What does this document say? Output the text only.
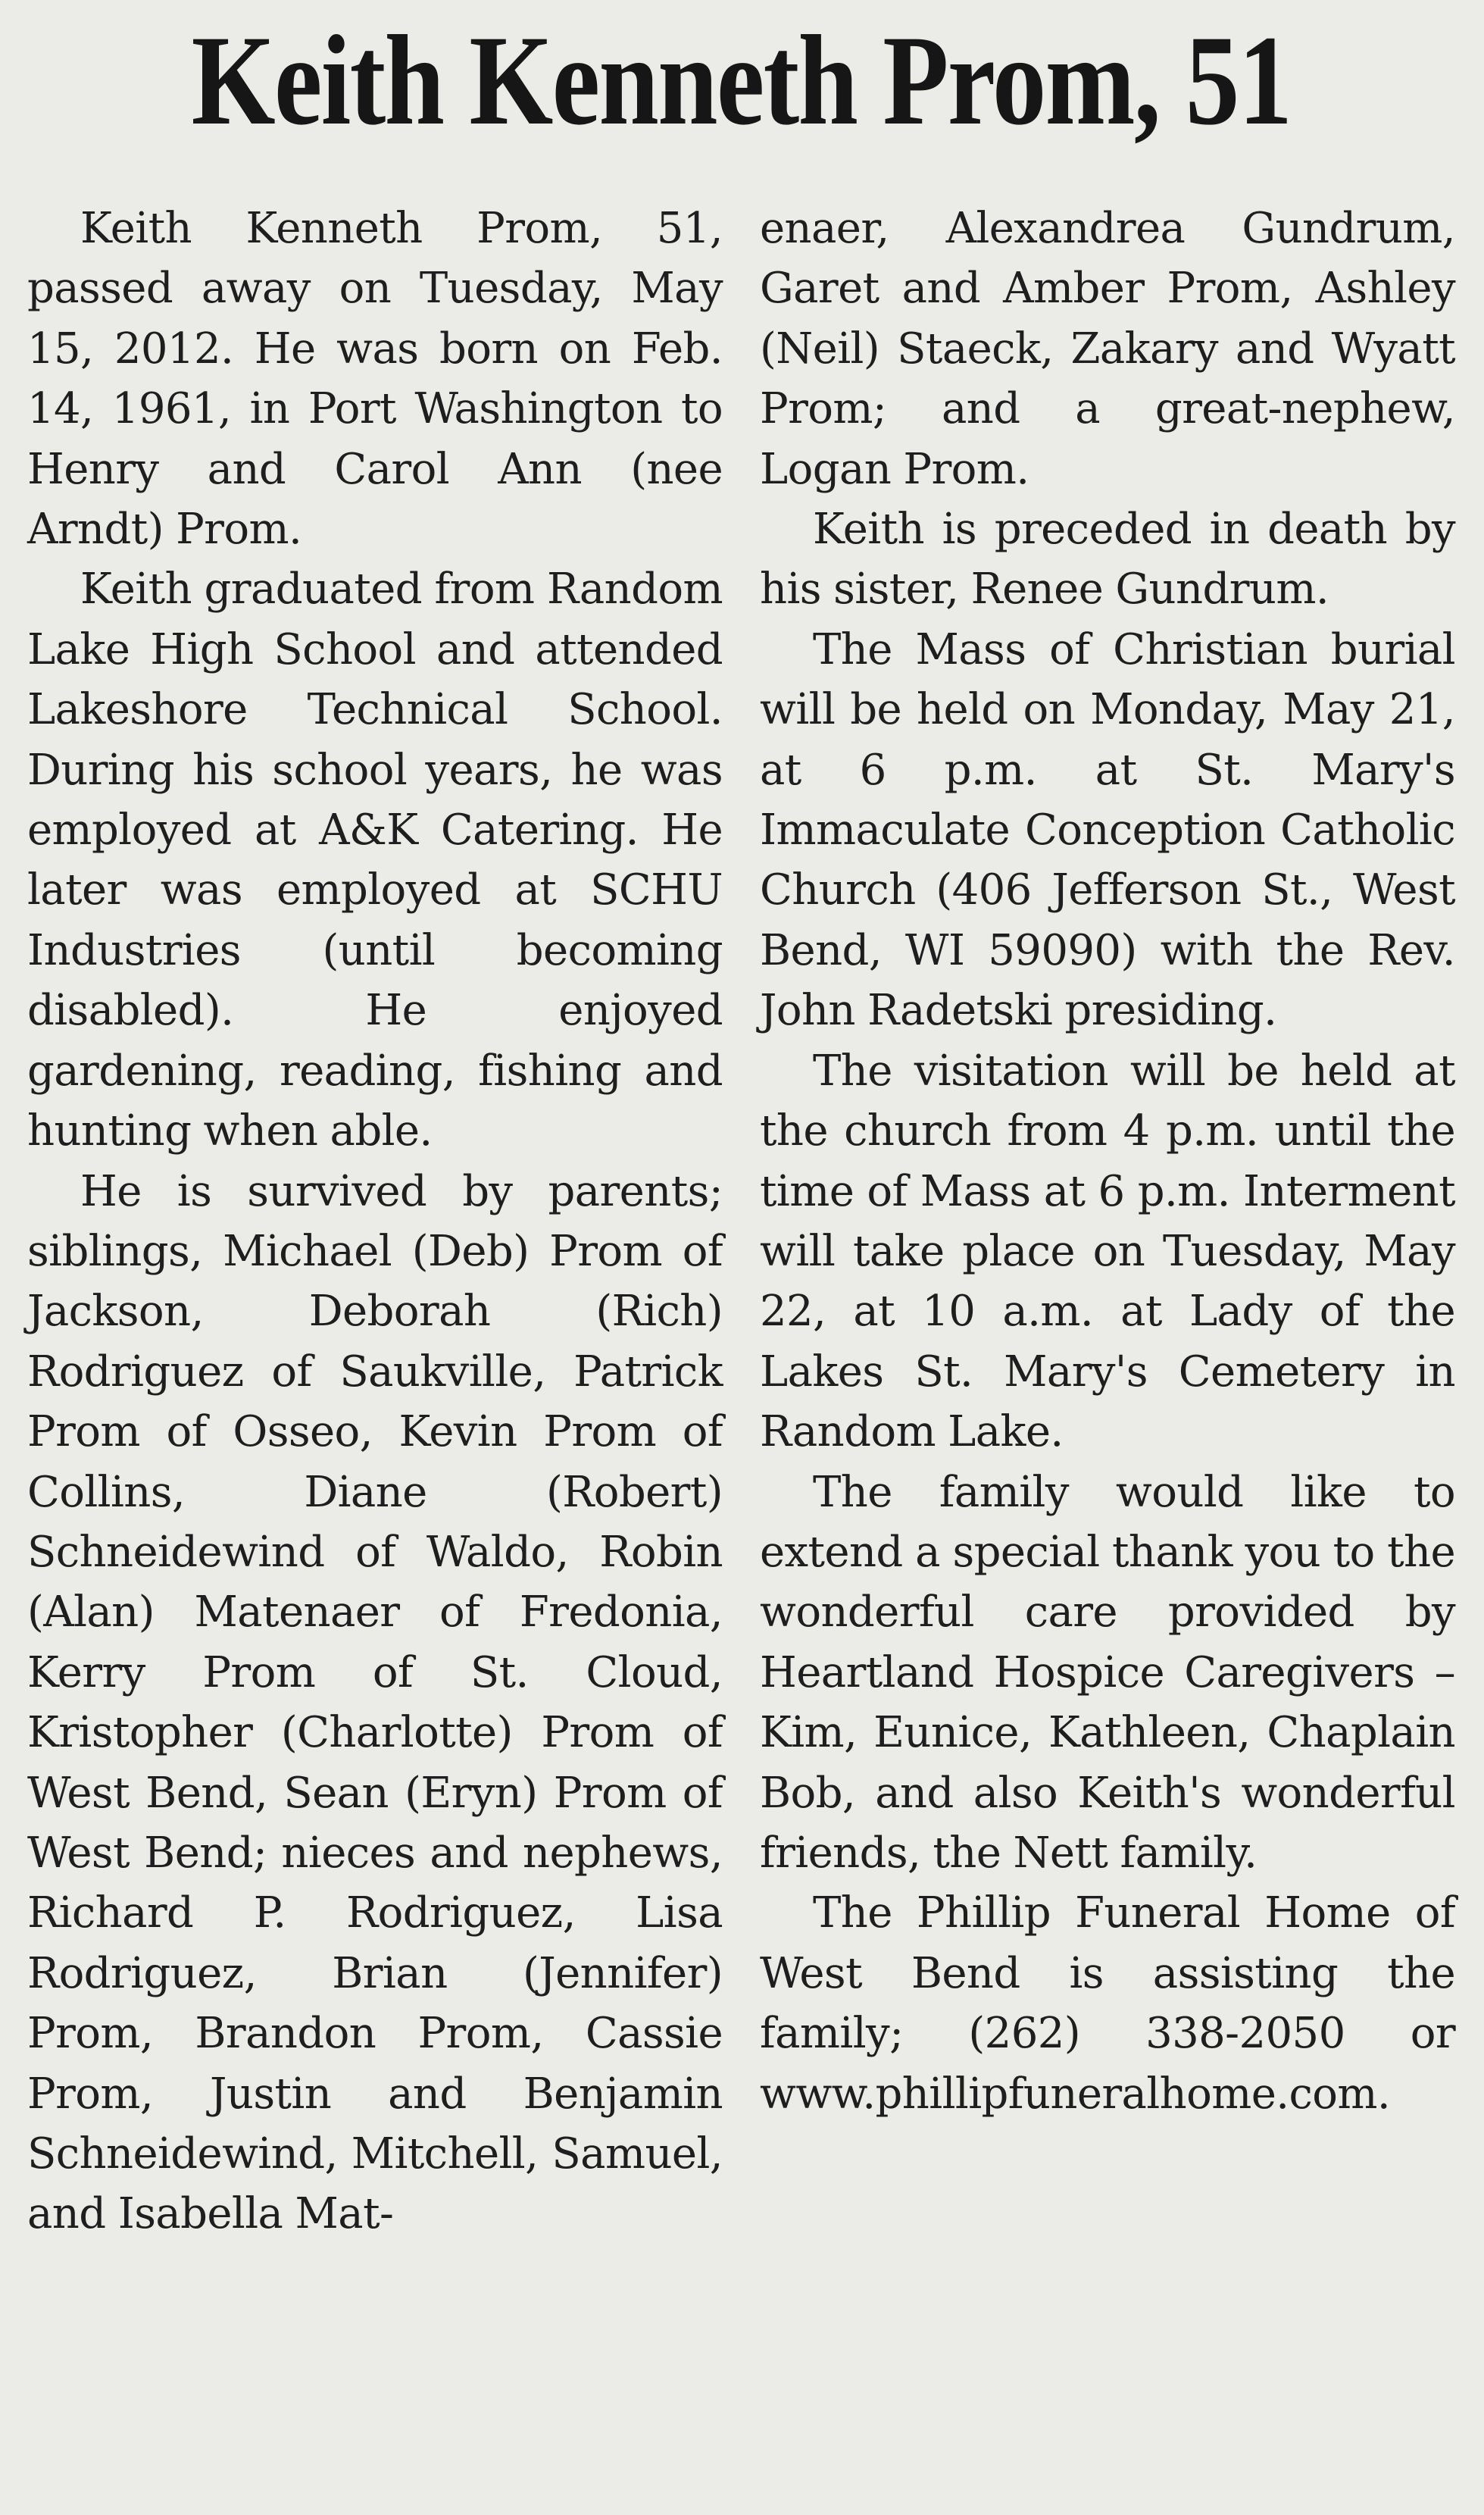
Keith Kenneth Prom, 51

Keith Kenneth Prom, 51, passed away on Tuesday, May 15, 2012. He was born on Feb. 14, 1961, in Port Washington to Henry and Carol Ann (nee Arndt) Prom.

Keith graduated from Random Lake High School and attended Lakeshore Technical School. During his school years, he was employed at A&K Catering. He later was employed at SCHU Industries (until becoming disabled). He enjoyed gardening, reading, fishing and hunting when able.

He is survived by parents; siblings, Michael (Deb) Prom of Jackson, Deborah (Rich) Rodriguez of Saukville, Patrick Prom of Osseo, Kevin Prom of Collins, Diane (Robert) Schneidewind of Waldo, Robin (Alan) Matenaer of Fredonia, Kerry Prom of St. Cloud, Kristopher (Charlotte) Prom of West Bend, Sean (Eryn) Prom of West Bend; nieces and nephews, Richard P. Rodriguez, Lisa Rodriguez, Brian (Jennifer) Prom, Brandon Prom, Cassie Prom, Justin and Benjamin Schneidewind, Mitchell, Samuel, and Isabella Mat-

enaer, Alexandrea Gundrum, Garet and Amber Prom, Ashley (Neil) Staeck, Zakary and Wyatt Prom; and a great-nephew, Logan Prom.

Keith is preceded in death by his sister, Renee Gundrum.

The Mass of Christian burial will be held on Monday, May 21, at 6 p.m. at St. Mary's Immaculate Conception Catholic Church (406 Jefferson St., West Bend, WI 59090) with the Rev. John Radetski presiding.

The visitation will be held at the church from 4 p.m. until the time of Mass at 6 p.m. Interment will take place on Tuesday, May 22, at 10 a.m. at Lady of the Lakes St. Mary's Cemetery in Random Lake.

The family would like to extend a special thank you to the wonderful care provided by Heartland Hospice Caregivers – Kim, Eunice, Kathleen, Chaplain Bob, and also Keith's wonderful friends, the Nett family.

The Phillip Funeral Home of West Bend is assisting the family; (262) 338-2050 or www.phillipfuneralhome.com.
